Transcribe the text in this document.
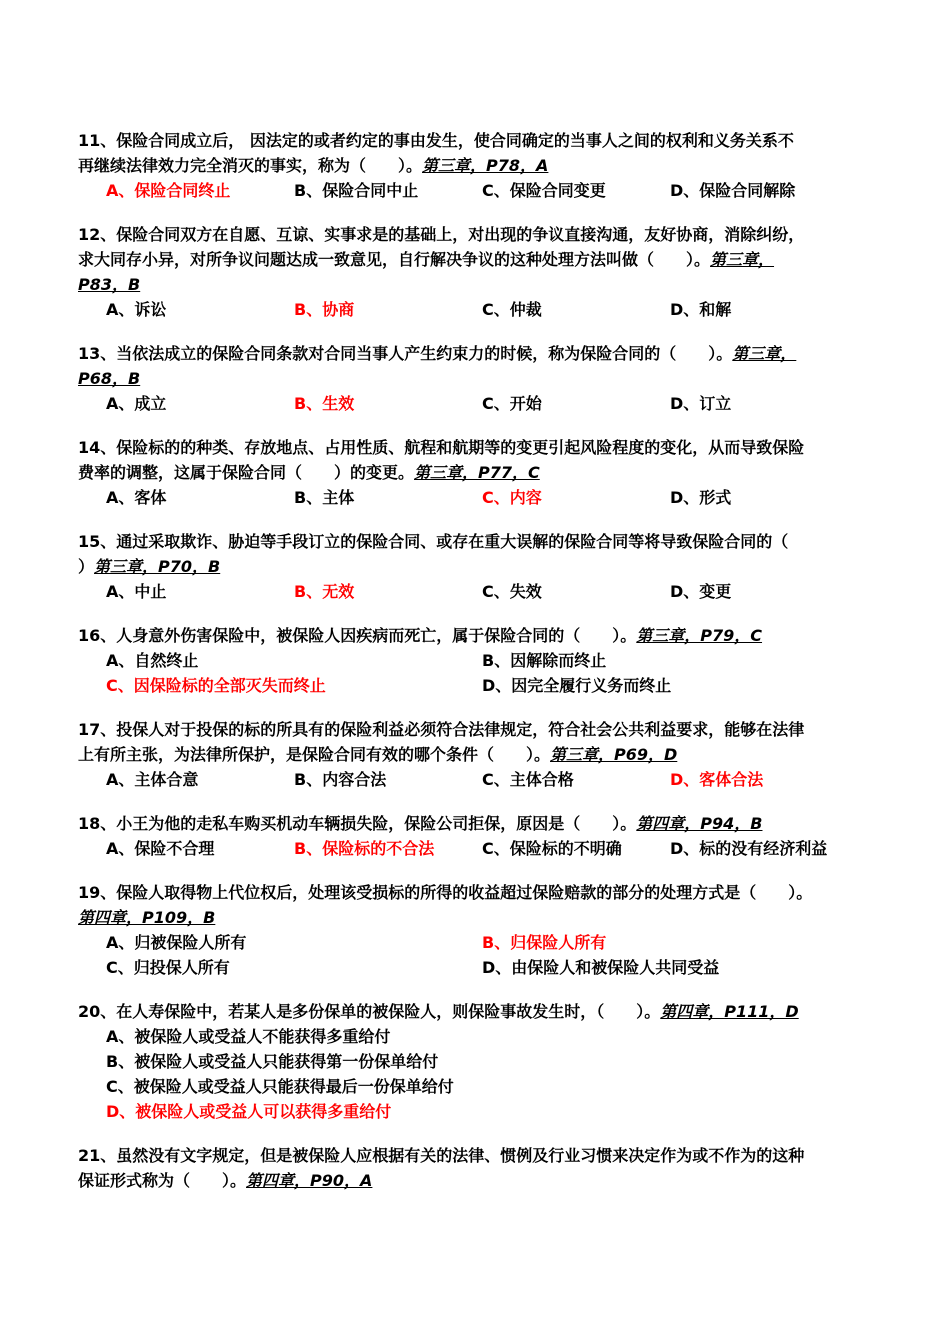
11、保险合同成立后， 因法定的或者约定的事由发生，使合同确定的当事人之间的权利和义务关系不
再继续法律效力完全消灭的事实，称为（　　）。第三章，P78，A
A、保险合同终止	B、保险合同中止	C、保险合同变更	D、保险合同解除
12、保险合同双方在自愿、互谅、实事求是的基础上，对出现的争议直接沟通，友好协商，消除纠纷，
求大同存小异，对所争议问题达成一致意见，自行解决争议的这种处理方法叫做（　　）。第三章，
P83，B
A、诉讼	B、协商	C、仲裁	D、和解
13、当依法成立的保险合同条款对合同当事人产生约束力的时候，称为保险合同的（　　）。第三章，
P68，B
A、成立	B、生效	C、开始	D、订立
14、保险标的的种类、存放地点、占用性质、航程和航期等的变更引起风险程度的变化，从而导致保险
费率的调整，这属于保险合同（　　）的变更。第三章，P77，C
A、客体	B、主体	C、内容	D、形式
15、通过采取欺诈、胁迫等手段订立的保险合同、或存在重大误解的保险合同等将导致保险合同的（
）第三章，P70，B
A、中止	B、无效	C、失效	D、变更
16、人身意外伤害保险中，被保险人因疾病而死亡，属于保险合同的（　　）。第三章，P79，C
A、自然终止	B、因解除而终止
C、因保险标的全部灭失而终止	D、因完全履行义务而终止
17、投保人对于投保的标的所具有的保险利益必须符合法律规定，符合社会公共利益要求，能够在法律
上有所主张，为法律所保护，是保险合同有效的哪个条件（　　）。第三章，P69，D
A、主体合意	B、内容合法	C、主体合格	D、客体合法
18、小王为他的走私车购买机动车辆损失险，保险公司拒保，原因是（　　）。第四章，P94，B
A、保险不合理	B、保险标的不合法	C、保险标的不明确	D、标的没有经济利益
19、保险人取得物上代位权后，处理该受损标的所得的收益超过保险赔款的部分的处理方式是（　　）。
第四章，P109，B
A、归被保险人所有	B、归保险人所有
C、归投保人所有	D、由保险人和被保险人共同受益
20、在人寿保险中，若某人是多份保单的被保险人，则保险事故发生时，（　　）。第四章，P111，D
A、被保险人或受益人不能获得多重给付
B、被保险人或受益人只能获得第一份保单给付
C、被保险人或受益人只能获得最后一份保单给付
D、被保险人或受益人可以获得多重给付
21、虽然没有文字规定，但是被保险人应根据有关的法律、惯例及行业习惯来决定作为或不作为的这种
保证形式称为（　　）。第四章，P90，A
